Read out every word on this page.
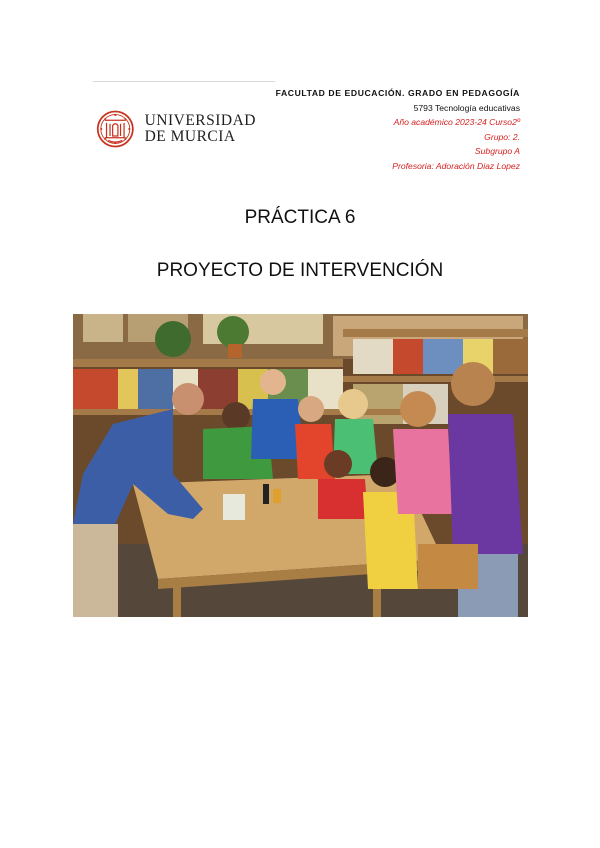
UNIVERSIDAD
DE MURCIA
FACULTAD DE EDUCACIÓN. GRADO EN PEDAGOGÍA
5793 Tecnología educativas
Año académico 2023-24 Curso2º
Grupo: 2.
Subgrupo A
Profesoria: Adoración Diaz Lopez
PRÁCTICA 6
PROYECTO DE INTERVENCIÓN
